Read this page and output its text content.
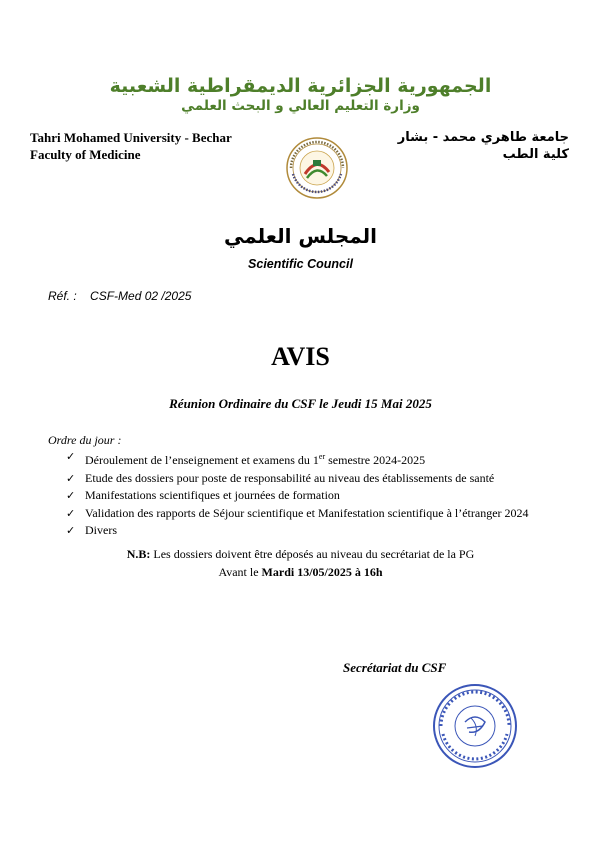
الجمهورية الجزائرية الديمقراطية الشعبية
وزارة التعليم العالي و البحث العلمي
Tahri Mohamed University - Bechar
Faculty of Medicine
جامعة طاهري محمد - بشار
كلية الطب
المجلس العلمي
Scientific Council
Réf. : CSF-Med 02 /2025
AVIS
Réunion Ordinaire du CSF le Jeudi 15 Mai 2025
Ordre du jour :
✓ Déroulement de l’enseignement et examens du 1er semestre 2024-2025
✓ Etude des dossiers pour poste de responsabilité au niveau des établissements de santé
✓ Manifestations scientifiques et journées de formation
✓ Validation des rapports de Séjour scientifique et Manifestation scientifique à l’étranger 2024
✓ Divers
N.B: Les dossiers doivent être déposés au niveau du secrétariat de la PG
Avant le Mardi 13/05/2025 à 16h
Secrétariat du CSF
